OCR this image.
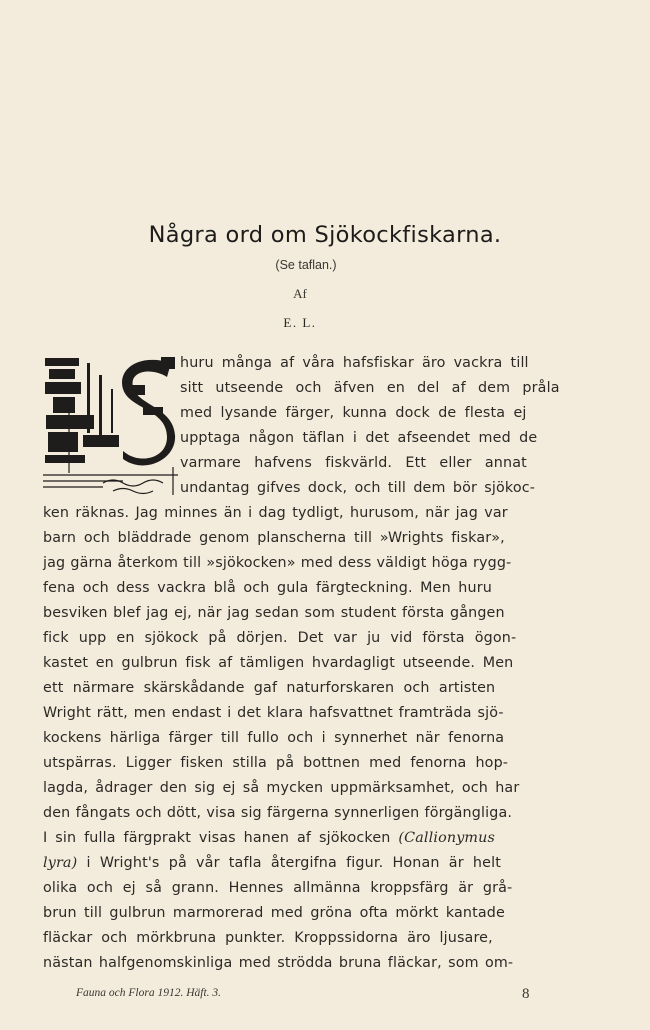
Några ord om Sjökockfiskarna.
(Se taflan.)
Af
E. L.
huru många af våra hafsfiskar äro vackra till
sitt utseende och äfven en del af dem pråla
med lysande färger, kunna dock de flesta ej
upptaga någon täflan i det afseendet med de
varmare hafvens fiskvärld. Ett eller annat
undantag gifves dock, och till dem bör sjökoc-
ken räknas. Jag minnes än i dag tydligt, hurusom, när jag var
barn och bläddrade genom planscherna till »Wrights fiskar»,
jag gärna återkom till »sjökocken» med dess väldigt höga rygg-
fena och dess vackra blå och gula färgteckning. Men huru
besviken blef jag ej, när jag sedan som student första gången
fick upp en sjökock på dörjen. Det var ju vid första ögon-
kastet en gulbrun fisk af tämligen hvardagligt utseende. Men
ett närmare skärskådande gaf naturforskaren och artisten
Wright rätt, men endast i det klara hafsvattnet framträda sjö-
kockens härliga färger till fullo och i synnerhet när fenorna
utspärras. Ligger fisken stilla på bottnen med fenorna hop-
lagda, ådrager den sig ej så mycken uppmärksamhet, och har
den fångats och dött, visa sig färgerna synnerligen förgängliga.
I sin fulla färgprakt visas hanen af sjökocken (Callionymus
lyra) i Wright's på vår tafla återgifna figur. Honan är helt
olika och ej så grann. Hennes allmänna kroppsfärg är grå-
brun till gulbrun marmorerad med gröna ofta mörkt kantade
fläckar och mörkbruna punkter. Kroppssidorna äro ljusare,
nästan halfgenomskinliga med strödda bruna fläckar, som om-
Fauna och Flora 1912. Häft. 3.	8
